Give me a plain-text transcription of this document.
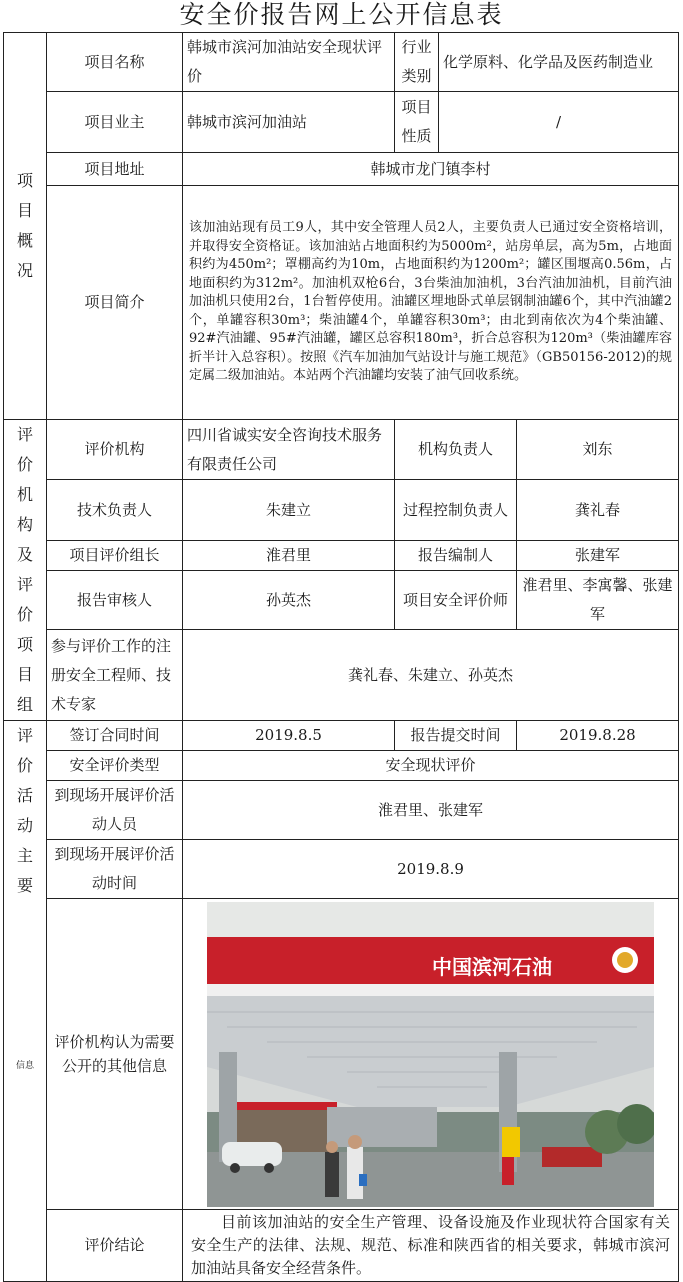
安全价报告网上公开信息表
项目概况	项目名称	韩城市滨河加油站安全现状评价	行业类别	化学原料、化学品及医药制造业	
	项目业主	韩城市滨河加油站	项目性质	/	
	项目地址	韩城市龙门镇李村			
	项目简介	该加油站现有员工9人，其中安全管理人员2人，主要负责人已通过安全资格培训，并取得安全资格证。该加油站占地面积约为5000m²，站房单层，高为5m，占地面积约为450m²；罩棚高约为10m，占地面积约为1200m²；罐区围堰高0.56m，占地面积约为312m²。加油机双枪6台，3台柴油加油机，3台汽油加油机，目前汽油加油机只使用2台，1台暂停使用。油罐区埋地卧式单层钢制油罐6个，其中汽油罐2个，单罐容积30m³；柴油罐4个，单罐容积30m³；由北到南依次为4个柴油罐、92#汽油罐、95#汽油罐，罐区总容积180m³，折合总容积为120m³（柴油罐库容折半计入总容积）。按照《汽车加油加气站设计与施工规范》（GB50156-2012)的规定属二级加油站。本站两个汽油罐均安装了油气回收系统。			

评价机构及评价项目组	评价机构	四川省诚实安全咨询技术服务有限责任公司	机构负责人		刘东
	技术负责人	朱建立	过程控制负责人		龚礼春
	项目评价组长	淮君里	报告编制人		张建军
	报告审核人	孙英杰	项目安全评价师		淮君里、李寓馨、张建军
	参与评价工作的注册安全工程师、技术专家	龚礼春、朱建立、孙英杰			

评价活动主要
信息	签订合同时间	2019.8.5	报告提交时间		2019.8.28
	安全评价类型	安全现状评价			
	到现场开展评价活动人员	淮君里、张建军			
	到现场开展评价活动时间	2019.8.9			
	评价机构认为需要公开的其他信息	中国滨河石油			

	评价结论	目前该加油站的安全生产管理、设备设施及作业现状符合国家有关安全生产的法律、法规、规范、标准和陕西省的相关要求，韩城市滨河加油站具备安全经营条件。			
